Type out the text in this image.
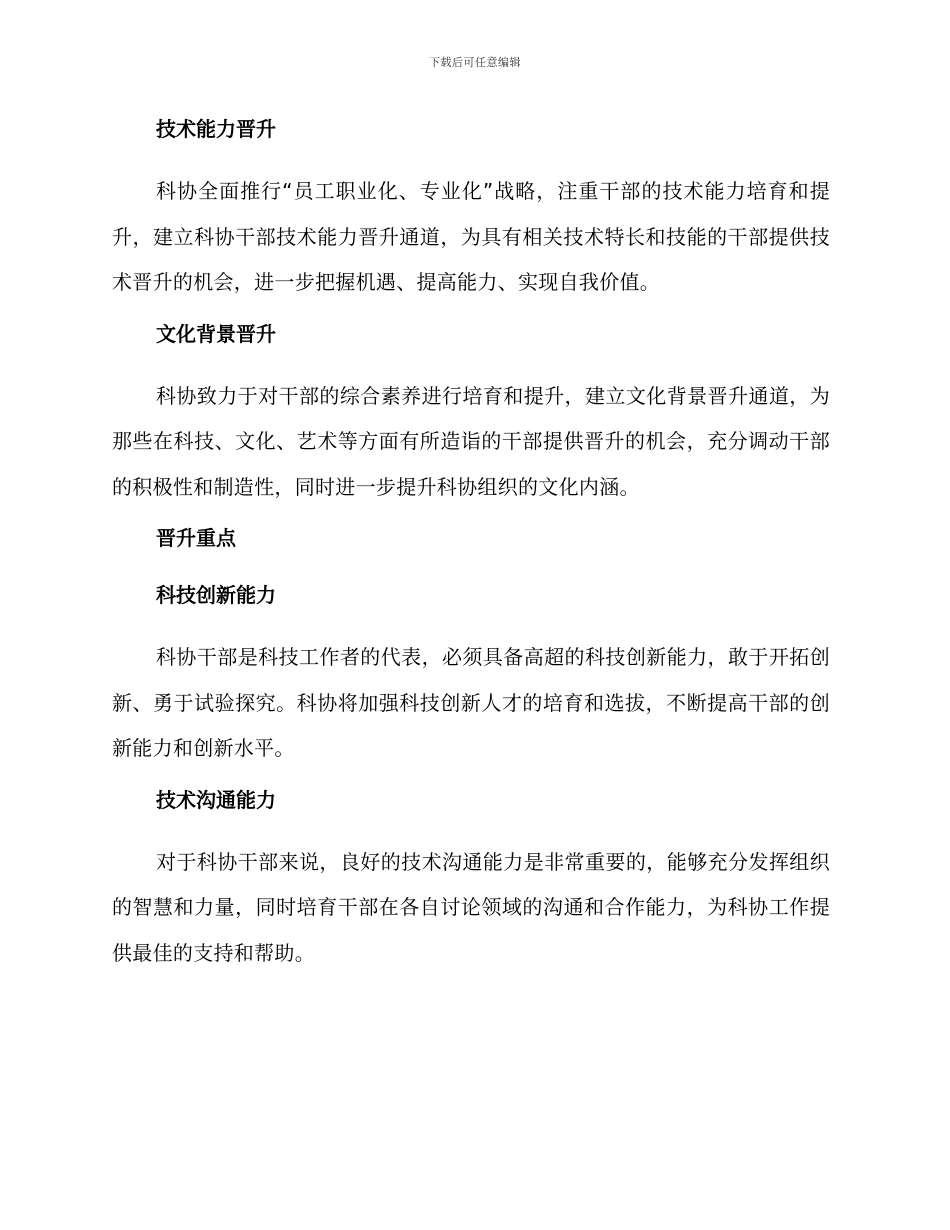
下载后可任意编辑
技术能力晋升

科协全面推行“员工职业化、专业化”战略，注重干部的技术能力培育和提升，建立科协干部技术能力晋升通道，为具有相关技术特长和技能的干部提供技术晋升的机会，进一步把握机遇、提高能力、实现自我价值。

文化背景晋升

科协致力于对干部的综合素养进行培育和提升，建立文化背景晋升通道，为那些在科技、文化、艺术等方面有所造诣的干部提供晋升的机会，充分调动干部的积极性和制造性，同时进一步提升科协组织的文化内涵。

晋升重点
科技创新能力

科协干部是科技工作者的代表，必须具备高超的科技创新能力，敢于开拓创新、勇于试验探究。科协将加强科技创新人才的培育和选拔，不断提高干部的创新能力和创新水平。

技术沟通能力

对于科协干部来说，良好的技术沟通能力是非常重要的，能够充分发挥组织的智慧和力量，同时培育干部在各自讨论领域的沟通和合作能力，为科协工作提供最佳的支持和帮助。
